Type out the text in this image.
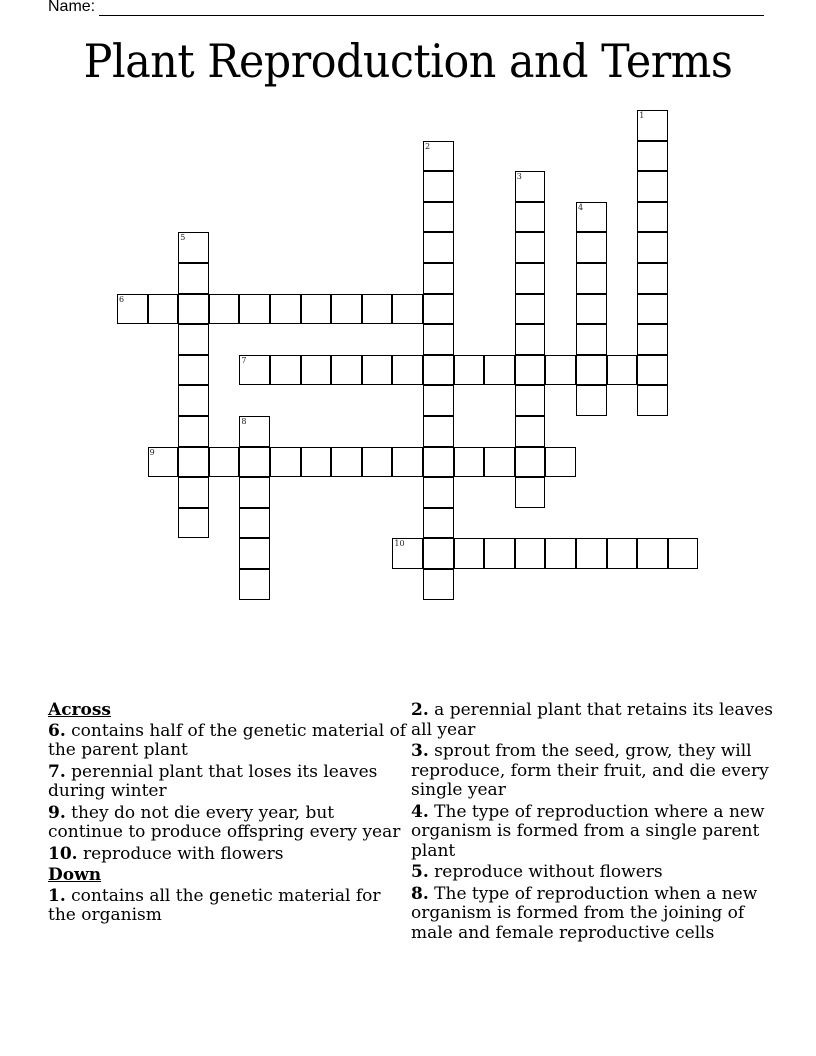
Name:
Plant Reproduction and Terms
1
2
3
4
5
6
7
8
9
10
Across
6. contains half of the genetic material of the parent plant
7. perennial plant that loses its leaves during winter
9. they do not die every year, but continue to produce offspring every year
10. reproduce with flowers
Down
1. contains all the genetic material for the organism
2. a perennial plant that retains its leaves all year
3. sprout from the seed, grow, they will reproduce, form their fruit, and die every single year
4. The type of reproduction where a new organism is formed from a single parent plant
5. reproduce without flowers
8. The type of reproduction when a new organism is formed from the joining of male and female reproductive cells
